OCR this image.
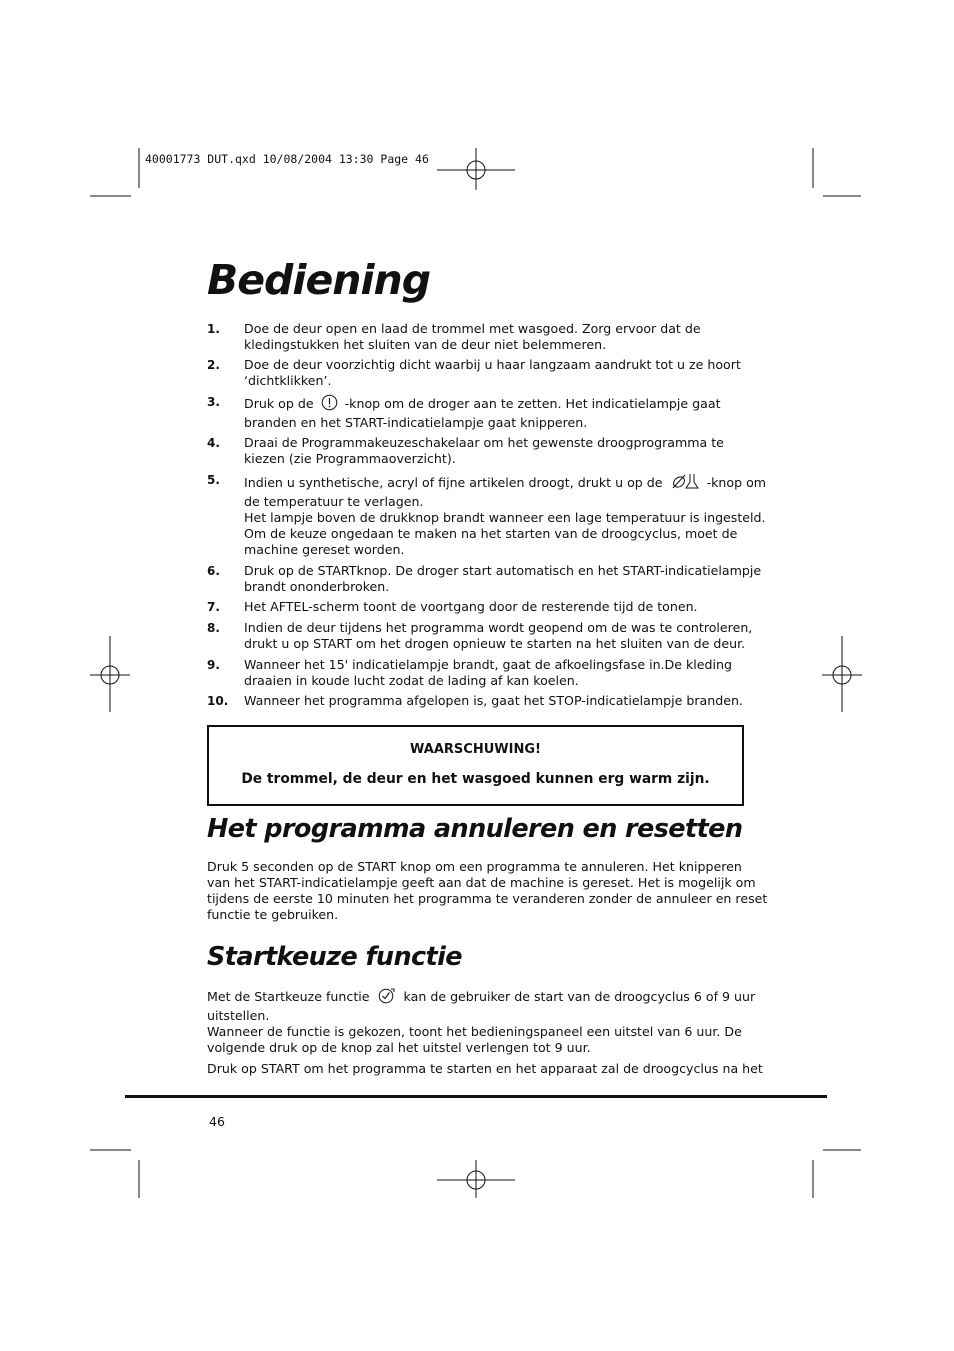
40001773 DUT.qxd 10/08/2004 13:30 Page 46
Bediening
1.	Doe de deur open en laad de trommel met wasgoed. Zorg ervoor dat de
kledingstukken het sluiten van de deur niet belemmeren.
2.	Doe de deur voorzichtig dicht waarbij u haar langzaam aandrukt tot u ze hoort
‘dichtklikken’.
3.	Druk op de -knop om de droger aan te zetten. Het indicatielampje gaat
branden en het START-indicatielampje gaat knipperen.
4.	Draai de Programmakeuzeschakelaar om het gewenste droogprogramma te
kiezen (zie Programmaoverzicht).
5.	Indien u synthetische, acryl of fijne artikelen droogt, drukt u op de	-knop om
de temperatuur te verlagen.
Het lampje boven de drukknop brandt wanneer een lage temperatuur is ingesteld.
Om de keuze ongedaan te maken na het starten van de droogcyclus, moet de
machine gereset worden.
6.	Druk op de STARTknop. De droger start automatisch en het START-indicatielampje
brandt ononderbroken.
7.	Het AFTEL-scherm toont de voortgang door de resterende tijd de tonen.
8.	Indien de deur tijdens het programma wordt geopend om de was te controleren,
drukt u op START om het drogen opnieuw te starten na het sluiten van de deur.
9.	Wanneer het 15' indicatielampje brandt, gaat de afkoelingsfase in.De kleding
draaien in koude lucht zodat de lading af kan koelen.
10.	Wanneer het programma afgelopen is, gaat het STOP-indicatielampje branden.
WAARSCHUWING!
De trommel, de deur en het wasgoed kunnen erg warm zijn.
Het programma annuleren en resetten
Druk 5 seconden op de START knop om een programma te annuleren. Het knipperen
van het START-indicatielampje geeft aan dat de machine is gereset. Het is mogelijk om
tijdens de eerste 10 minuten het programma te veranderen zonder de annuleer en reset
functie te gebruiken.
Startkeuze functie
Met de Startkeuze functie	kan de gebruiker de start van de droogcyclus 6 of 9 uur
uitstellen.
Wanneer de functie is gekozen, toont het bedieningspaneel een uitstel van 6 uur. De
volgende druk op de knop zal het uitstel verlengen tot 9 uur.
Druk op START om het programma te starten en het apparaat zal de droogcyclus na het
46
